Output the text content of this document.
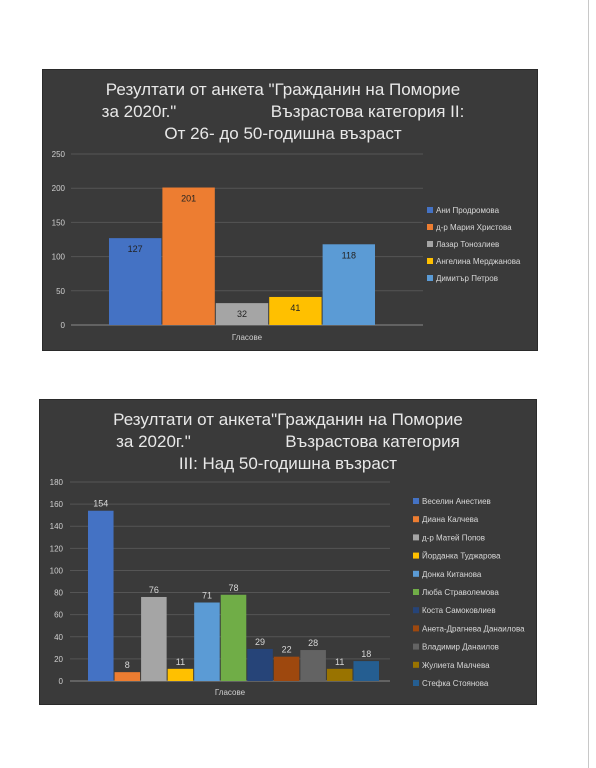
Резултати от анкета "Гражданин на Поморие
за 2020г."                    Възрастова категория II:
От 26- до 50-годишна възраст
0
50
100
150
200
250
127
201
32
41
118
Гласове
Ани Продромова
д-р Мария Христова
Лазар Тонозлиев
Ангелина Мерджанова
Димитър Петров
Резултати от анкета"Гражданин на Поморие
за 2020г."                    Възрастова категория
III: Над 50-годишна възраст
0
20
40
60
80
100
120
140
160
180
154
8
76
11
71
78
29
22
28
11
18
Гласове
Веселин Анестиев
Диана Калчева
д-р Матей Попов
Йорданка Туджарова
Донка Китанова
Люба Страволемова
Коста Самоковлиев
Анета-Драгнева Данаилова
Владимир Данаилов
Жулиета Малчева
Стефка Стоянова
